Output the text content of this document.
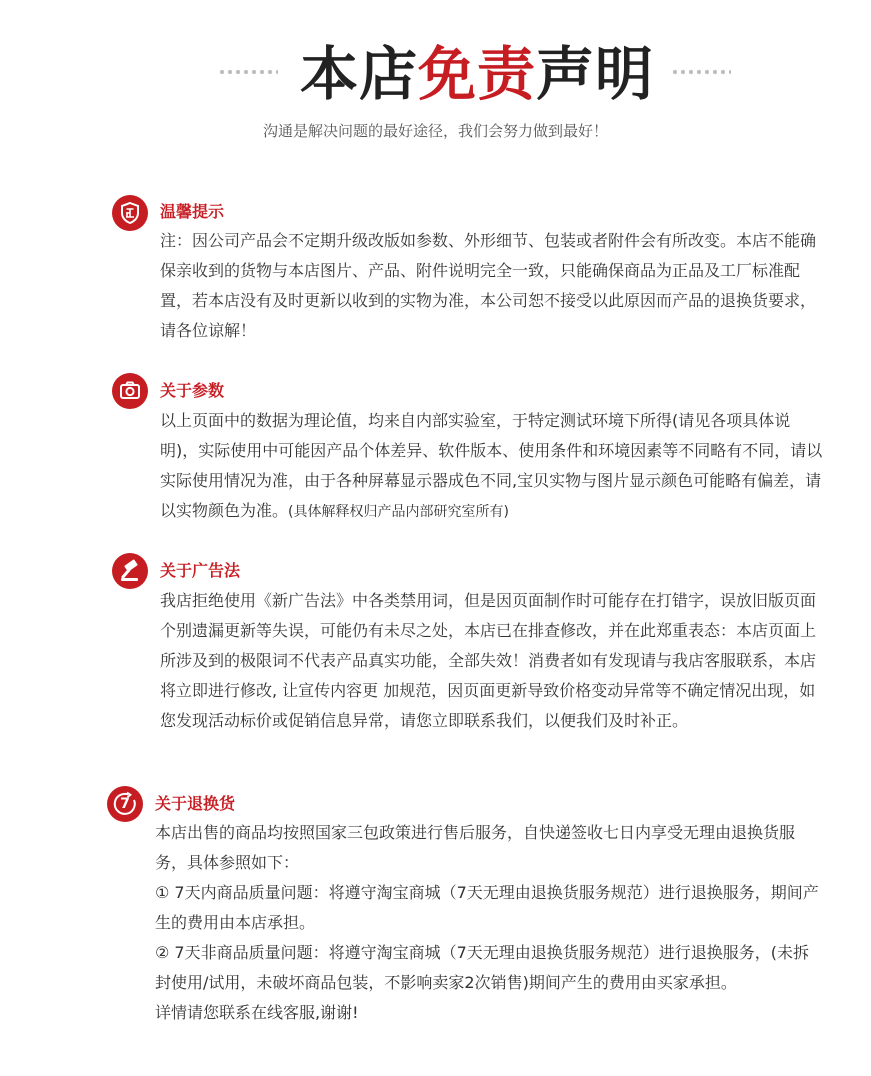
本店免责声明
沟通是解决问题的最好途径，我们会努力做到最好！
温馨提示

注：因公司产品会不定期升级改版如参数、外形细节、包装或者附件会有所改变。本店不能确保亲收到的货物与本店图片、产品、附件说明完全一致，只能确保商品为正品及工厂标准配置，若本店没有及时更新以收到的实物为准，本公司恕不接受以此原因而产品的退换货要求，请各位谅解！

关于参数

以上页面中的数据为理论值，均来自内部实验室，于特定测试环境下所得(请见各项具体说明)，实际使用中可能因产品个体差异、软件版本、使用条件和环境因素等不同略有不同，请以实际使用情况为准，由于各种屏幕显示器成色不同,宝贝实物与图片显示颜色可能略有偏差，请以实物颜色为准。(具体解释权归产品内部研究室所有)

关于广告法

我店拒绝使用《新广告法》中各类禁用词，但是因页面制作时可能存在打错字，误放旧版页面个别遗漏更新等失误，可能仍有未尽之处，本店已在排查修改，并在此郑重表态：本店页面上所涉及到的极限词不代表产品真实功能，全部失效！消费者如有发现请与我店客服联系，本店将立即进行修改, 让宣传内容更 加规范，因页面更新导致价格变动异常等不确定情况出现，如您发现活动标价或促销信息异常，请您立即联系我们，以便我们及时补正。

7 关于退换货

本店出售的商品均按照国家三包政策进行售后服务，自快递签收七日内享受无理由退换货服务，具体参照如下：

① 7天内商品质量问题：将遵守淘宝商城（7天无理由退换货服务规范）进行退换服务，期间产生的费用由本店承担。

② 7天非商品质量问题：将遵守淘宝商城（7天无理由退换货服务规范）进行退换服务，(未拆封使用/试用，未破坏商品包装，不影响卖家2次销售)期间产生的费用由买家承担。

详情请您联系在线客服,谢谢!
